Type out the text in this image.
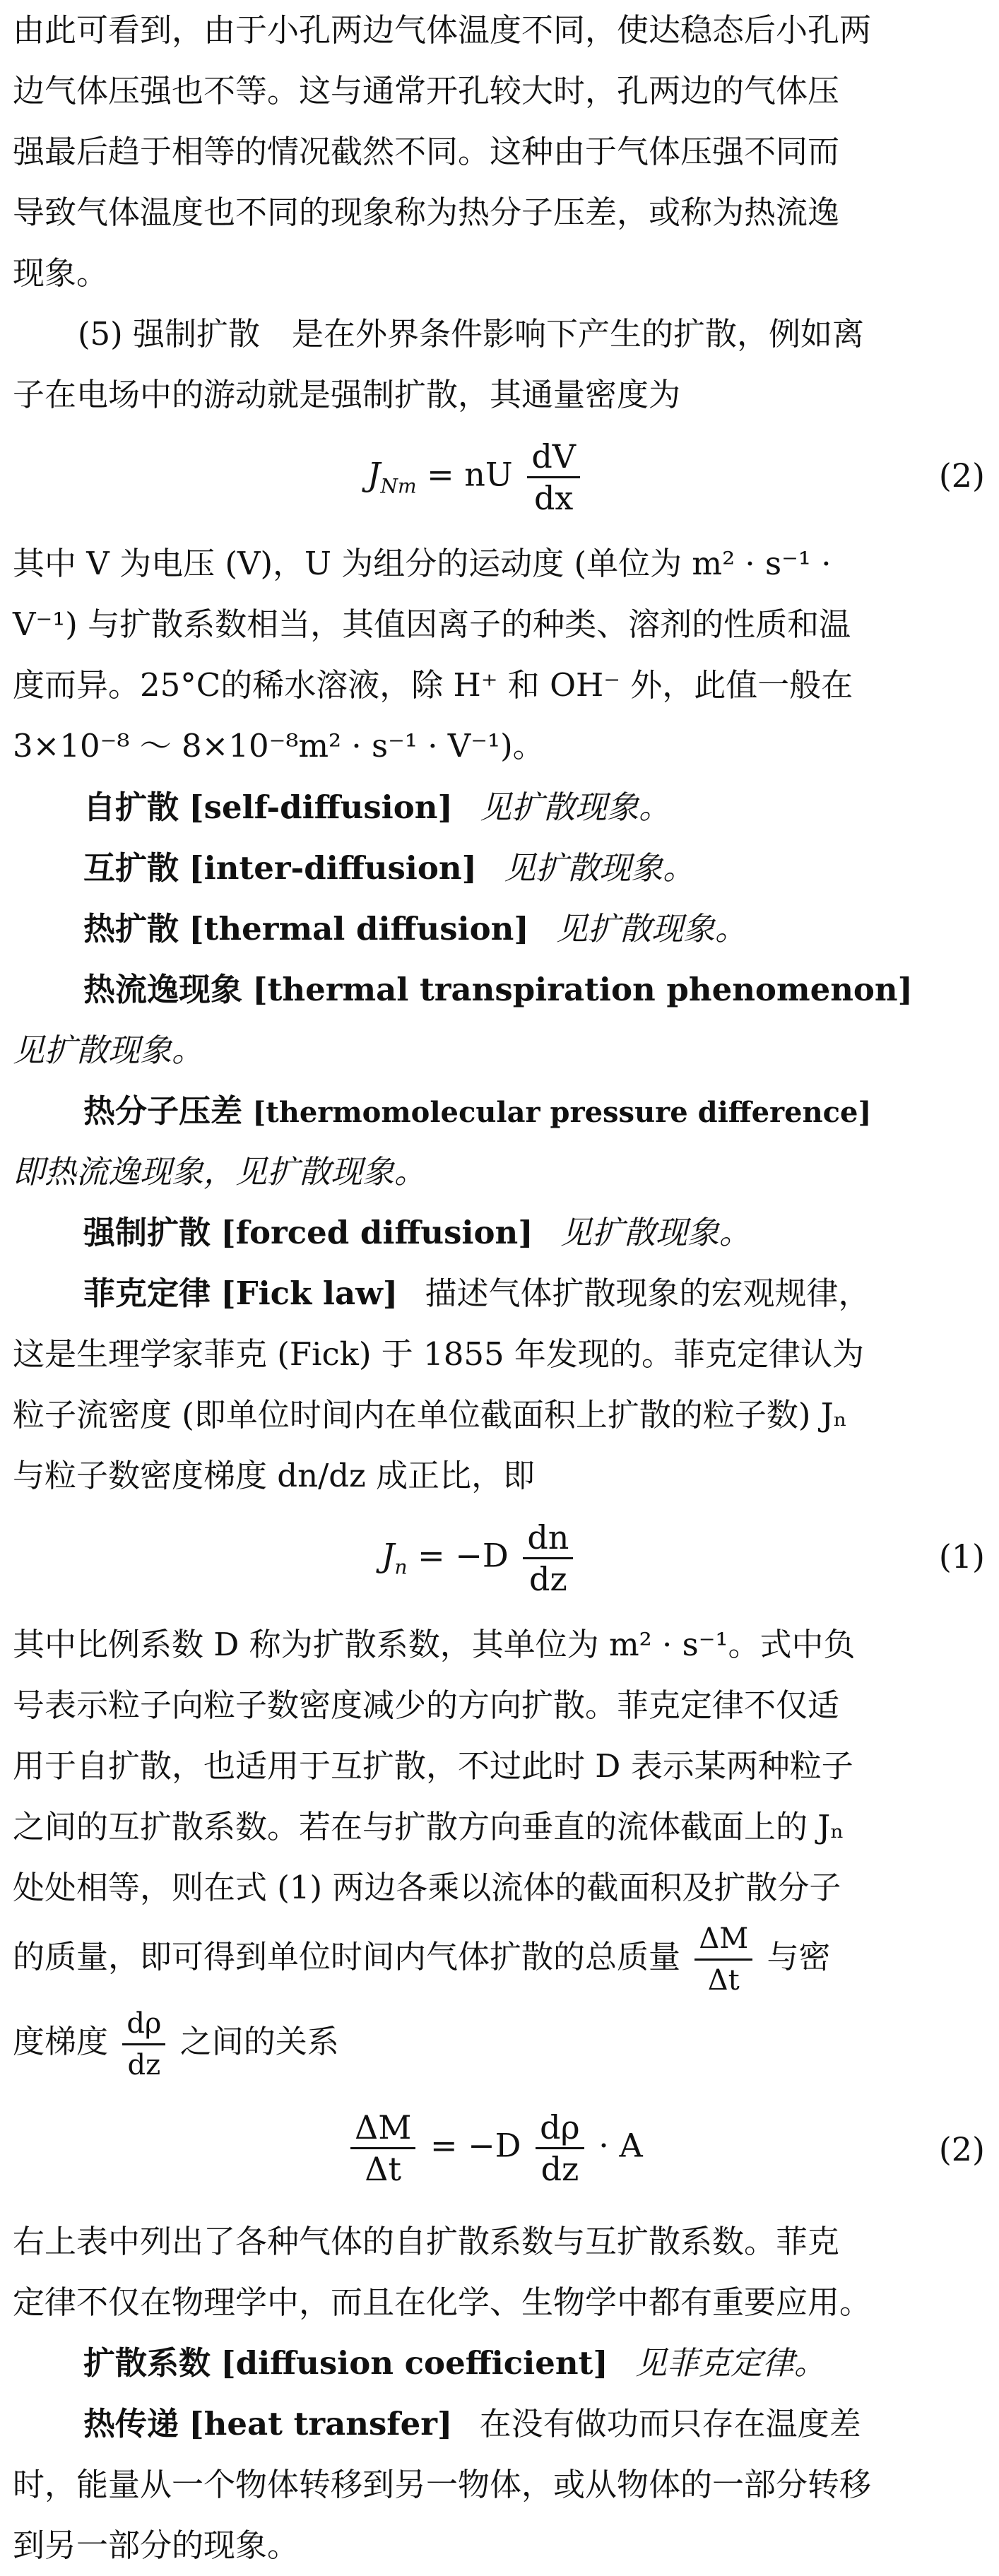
由此可看到，由于小孔两边气体温度不同，使达稳态后小孔两
边气体压强也不等。这与通常开孔较大时，孔两边的气体压
强最后趋于相等的情况截然不同。这种由于气体压强不同而
导致气体温度也不同的现象称为热分子压差，或称为热流逸
现象。
(5) 强制扩散　是在外界条件影响下产生的扩散，例如离
子在电场中的游动就是强制扩散，其通量密度为
$J_{Nm}$ = nU $\frac{dV}{dx}$	(2)
其中 V 为电压 (V)，U 为组分的运动度 (单位为 m² · s⁻¹ ·
V⁻¹) 与扩散系数相当，其值因离子的种类、溶剂的性质和温
度而异。25°C的稀水溶液，除 H⁺ 和 OH⁻ 外，此值一般在
3×10⁻⁸ ～ 8×10⁻⁸m² · s⁻¹ · V⁻¹)。
自扩散 [self-diffusion] 见扩散现象。
互扩散 [inter-diffusion] 见扩散现象。
热扩散 [thermal diffusion] 见扩散现象。
热流逸现象 [thermal transpiration phenomenon]
见扩散现象。
热分子压差 [thermomolecular pressure difference]
即热流逸现象，见扩散现象。
强制扩散 [forced diffusion] 见扩散现象。
菲克定律 [Fick law] 描述气体扩散现象的宏观规律，
这是生理学家菲克 (Fick) 于 1855 年发现的。菲克定律认为
粒子流密度 (即单位时间内在单位截面积上扩散的粒子数) Jₙ
与粒子数密度梯度 dn/dz 成正比，即
$J_n = -D \frac{dn}{dz}$	(1)
其中比例系数 D 称为扩散系数，其单位为 m² · s⁻¹。式中负
号表示粒子向粒子数密度减少的方向扩散。菲克定律不仅适
用于自扩散，也适用于互扩散，不过此时 D 表示某两种粒子
之间的互扩散系数。若在与扩散方向垂直的流体截面上的 Jₙ
处处相等，则在式 (1) 两边各乘以流体的截面积及扩散分子
的质量，即可得到单位时间内气体扩散的总质量 $\frac{\Delta M}{\Delta t}$ 与密
度梯度 $\frac{d\rho}{dz}$ 之间的关系
$\frac{\Delta M}{\Delta t} = -D \frac{d\rho}{dz} \cdot A$	(2)
右上表中列出了各种气体的自扩散系数与互扩散系数。菲克
定律不仅在物理学中，而且在化学、生物学中都有重要应用。
扩散系数 [diffusion coefficient] 见菲克定律。
热传递 [heat transfer] 在没有做功而只存在温度差
时，能量从一个物体转移到另一物体，或从物体的一部分转移
到另一部分的现象。
